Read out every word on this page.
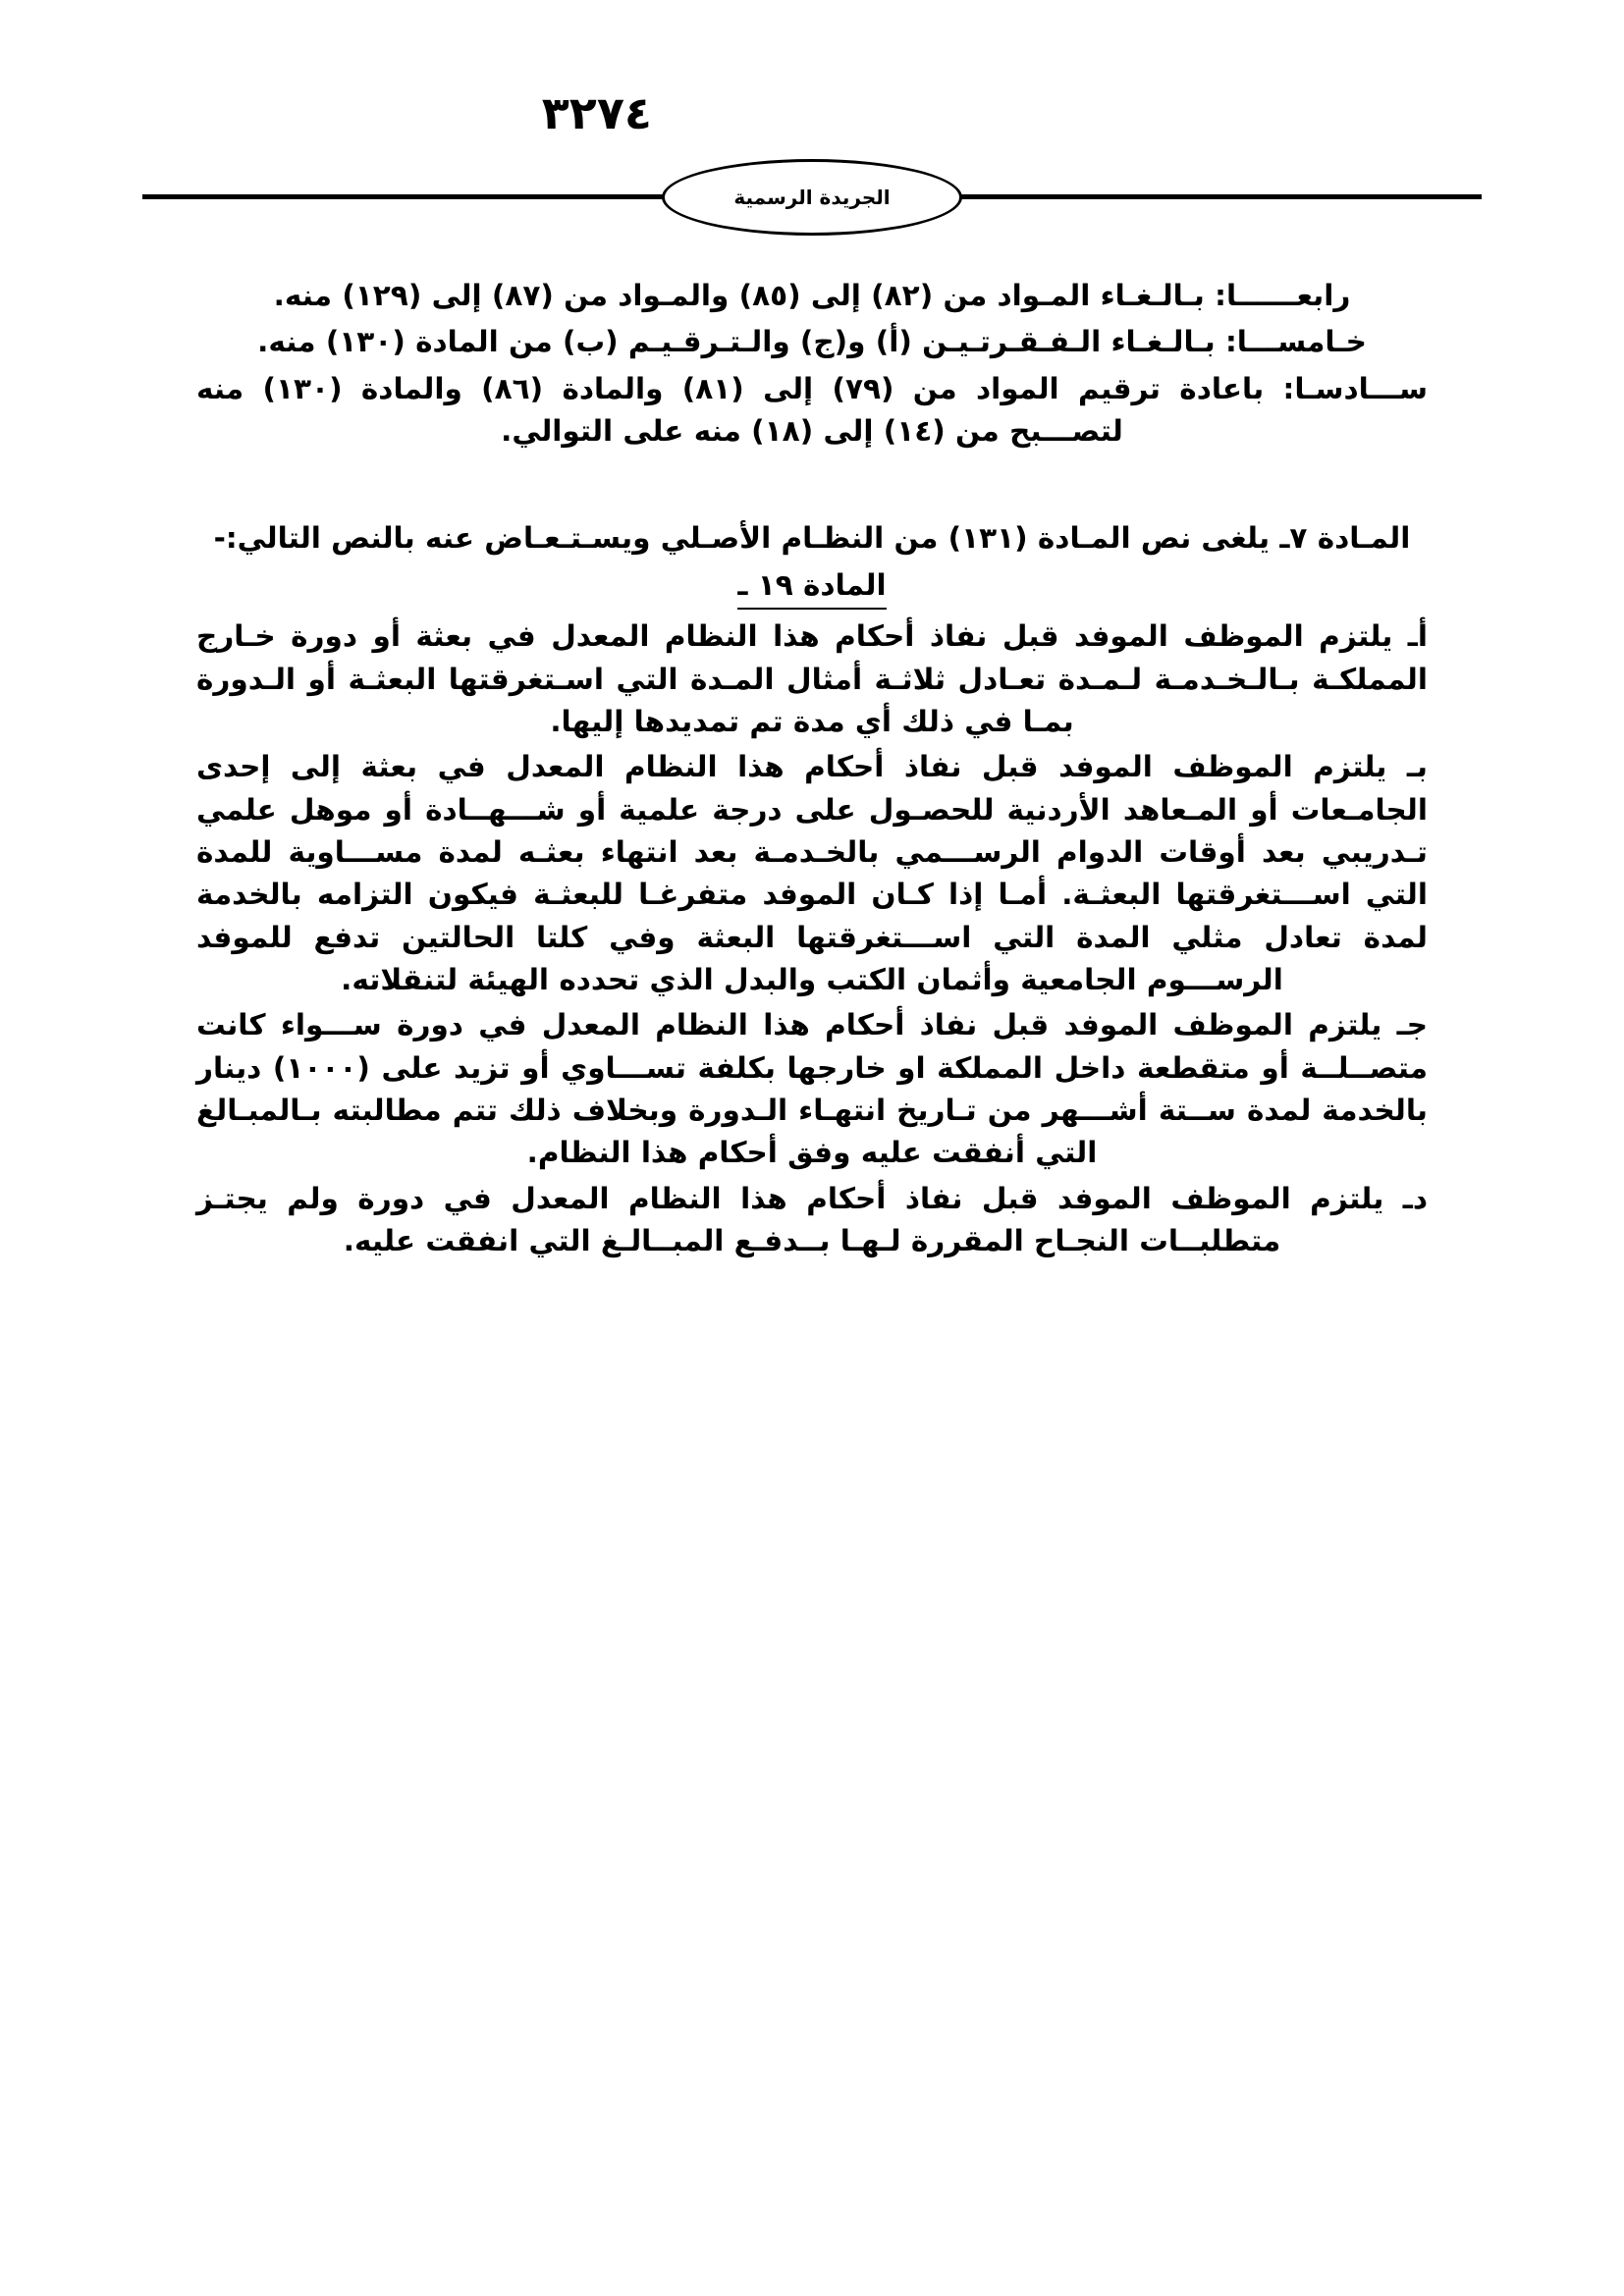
٣٢٧٤
الجريدة الرسمية

رابعــــــا: بـالـغـاء المـواد من (٨٢) إلى (٨٥) والمـواد من (٨٧) إلى (١٢٩) منه.

خـامســـا: بـالـغـاء الـفـقـرتـيـن (أ) و(ج) والـتـرقـيـم (ب) من المادة (١٣٠) منه.

ســـادسـا: باعادة ترقيم المواد من (٧٩) إلى (٨١) والمادة (٨٦) والمادة (١٣٠) منه لتصـــبح من (١٤) إلى (١٨) منه على التوالي.

المـادة ٧ـ يلغى نص المـادة (١٣١) من النظـام الأصـلي ويسـتـعـاض عنه بالنص التالي:-

المادة ١٩ ـ

أـ يلتزم الموظف الموفد قبل نفاذ أحكام هذا النظام المعدل في بعثة أو دورة خـارج المملكـة بـالـخـدمـة لـمـدة تعـادل ثلاثـة أمثال المـدة التي اسـتغرقتها البعثـة أو الـدورة بمـا في ذلك أي مدة تم تمديدها إليها.

بـ يلتزم الموظف الموفد قبل نفاذ أحكام هذا النظام المعدل في بعثة إلى إحدى الجامـعات أو المـعاهد الأردنية للحصـول على درجة علمية أو شـــهــادة أو موهل علمي تـدريبي بعد أوقات الدوام الرســـمي بالخـدمـة بعد انتهاء بعثـه لمدة مســـاوية للمدة التي اســـتغرقتها البعثـة. أمـا إذا كـان الموفد متفرغـا للبعثـة فيكون التزامه بالخدمة لمدة تعادل مثلي المدة التي اســـتغرقتها البعثة وفي كلتا الحالتين تدفع للموفد الرســـوم الجامعية وأثمان الكتب والبدل الذي تحدده الهيئة لتنقلاته.

جـ يلتزم الموظف الموفد قبل نفاذ أحكام هذا النظام المعدل في دورة ســـواء كانت متصــلــة أو متقطعة داخل المملكة او خارجها بكلفة تســـاوي أو تزيد على (١٠٠٠) دينار بالخدمة لمدة ســتة أشـــهر من تـاريخ انتهـاء الـدورة وبخلاف ذلك تتم مطالبته بـالمبـالغ التي أنفقت عليه وفق أحكام هذا النظام.

دـ يلتزم الموظف الموفد قبل نفاذ أحكام هذا النظام المعدل في دورة ولم يجتـز متطلبــات النجـاح المقررة لـهـا بــدفـع المبــالـغ التي انفقت عليه.
